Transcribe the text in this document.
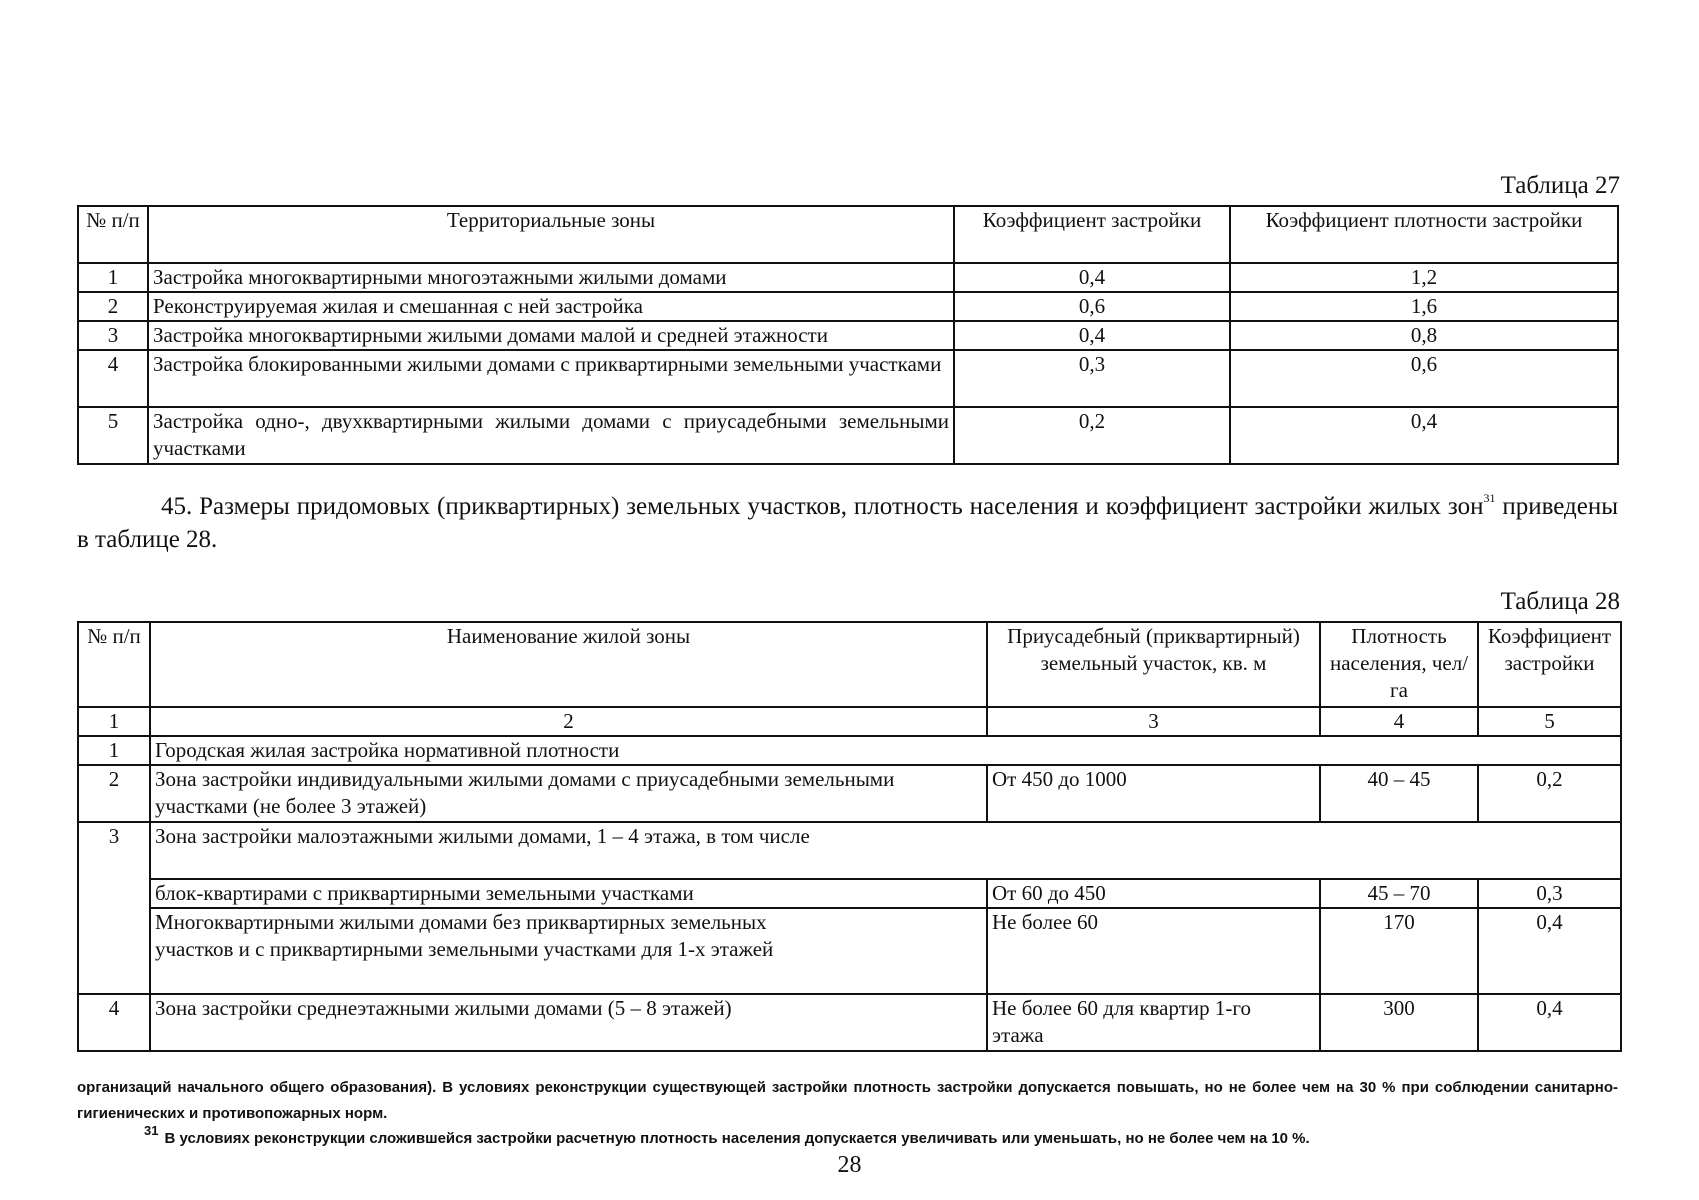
Таблица 27
№ п/п	Территориальные зоны	Коэффициент застройки	Коэффициент плотности застройки
1	Застройка многоквартирными многоэтажными жилыми домами	0,4	1,2
2	Реконструируемая жилая и смешанная с ней застройка	0,6	1,6
3	Застройка многоквартирными жилыми домами малой и средней этажности	0,4	0,8
4	Застройка блокированными жилыми домами с приквартирными земельными участками	0,3	0,6
5	Застройка одно-, двухквартирными жилыми домами с приусадебными земельными участками	0,2	0,4
45. Размеры придомовых (приквартирных) земельных участков, плотность населения и коэффициент застройки жилых зон$^{31}$ приведены в таблице 28.
Таблица 28
№ п/п	Наименование жилой зоны	Приусадебный (приквартирный) земельный участок, кв. м	Плотность населения, чел/га	Коэффициент застройки
1	2	3	4	5
1	Городская жилая застройка нормативной плотности			
2	Зона застройки индивидуальными жилыми домами с приусадебными земельными участками (не более 3 этажей)	От 450 до 1000	40 – 45	0,2
3	Зона застройки малоэтажными жилыми домами, 1 – 4 этажа, в том числе			
	блок-квартирами с приквартирными земельными участками	От 60 до 450	45 – 70	0,3
	Многоквартирными жилыми домами без приквартирных земельных участков и с приквартирными земельными участками для 1-х этажей	Не более 60	170	0,4
4	Зона застройки среднеэтажными жилыми домами (5 – 8 этажей)	Не более 60 для квартир 1-го этажа	300	0,4
организаций начального общего образования). В условиях реконструкции существующей застройки плотность застройки допускается повышать, но не более чем на 30 % при соблюдении санитарно-гигиенических и противопожарных норм.
$^{31}$ В условиях реконструкции сложившейся застройки расчетную плотность населения допускается увеличивать или уменьшать, но не более чем на 10 %.
28
